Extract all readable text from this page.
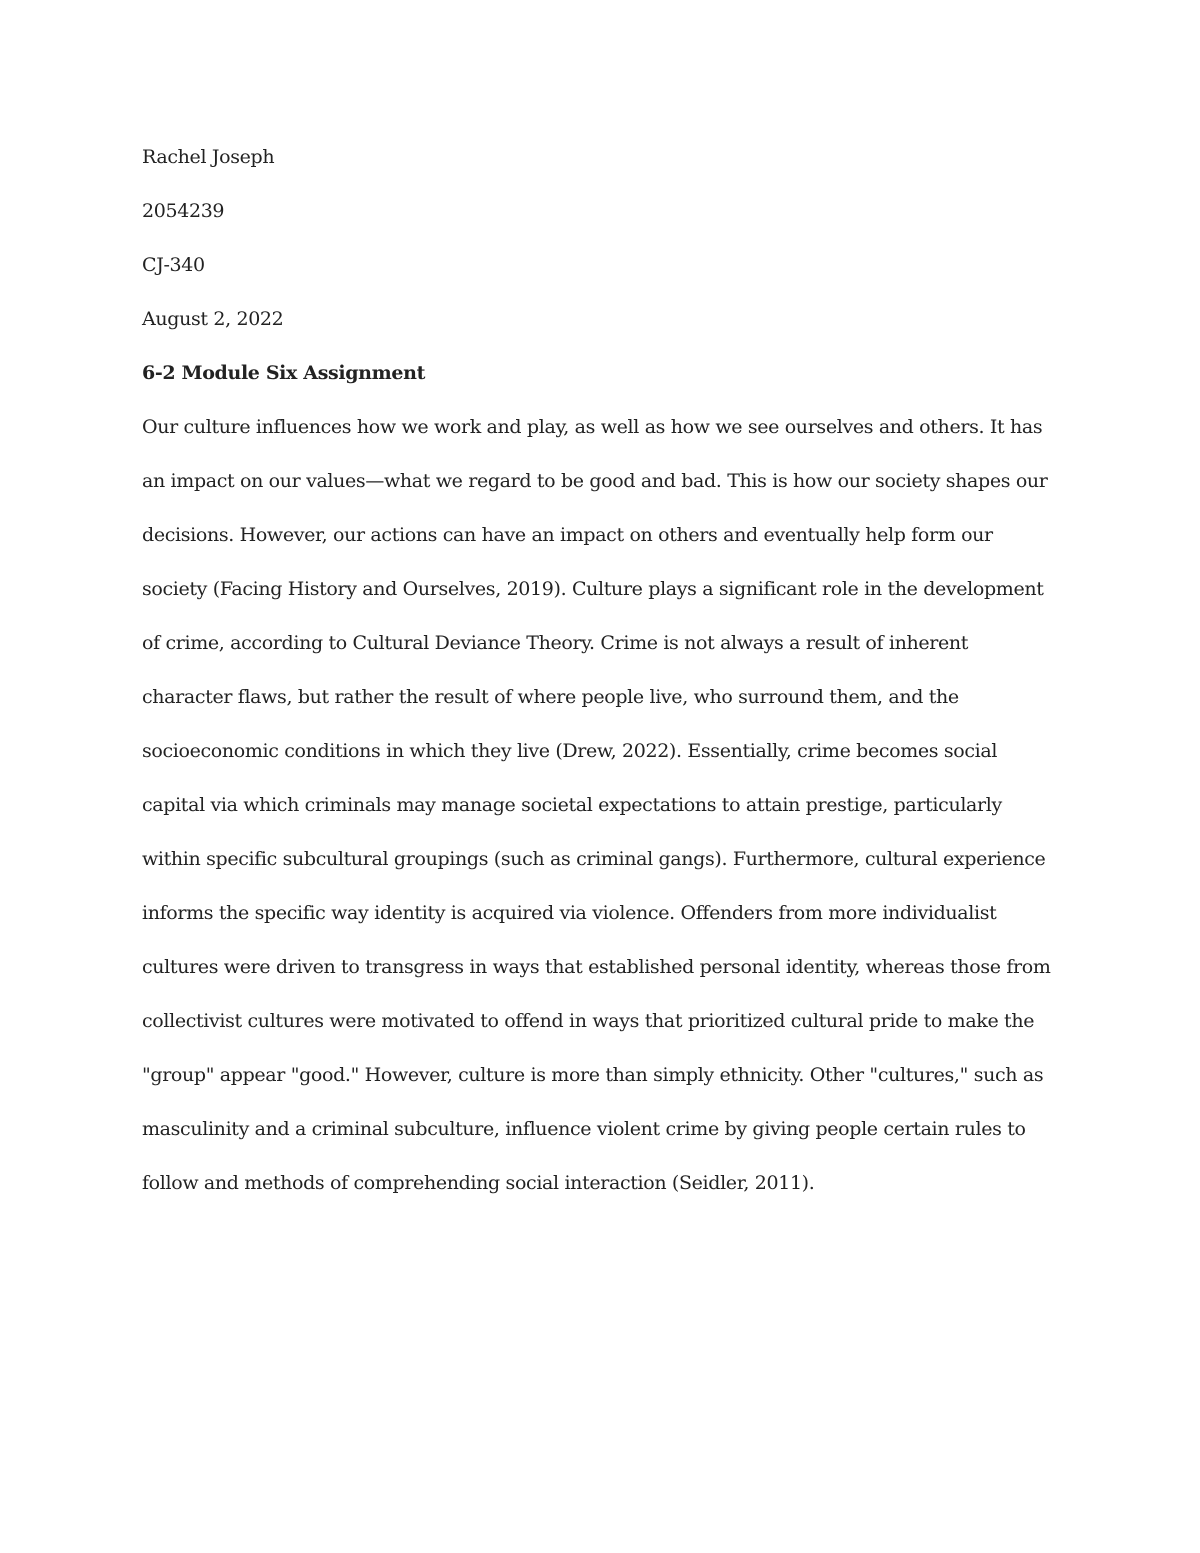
Rachel Joseph
2054239
CJ-340
August 2, 2022
6-2 Module Six Assignment
Our culture influences how we work and play, as well as how we see ourselves and others. It has
an impact on our values—what we regard to be good and bad. This is how our society shapes our
decisions. However, our actions can have an impact on others and eventually help form our
society (Facing History and Ourselves, 2019). Culture plays a significant role in the development
of crime, according to Cultural Deviance Theory. Crime is not always a result of inherent
character flaws, but rather the result of where people live, who surround them, and the
socioeconomic conditions in which they live (Drew, 2022). Essentially, crime becomes social
capital via which criminals may manage societal expectations to attain prestige, particularly
within specific subcultural groupings (such as criminal gangs). Furthermore, cultural experience
informs the specific way identity is acquired via violence. Offenders from more individualist
cultures were driven to transgress in ways that established personal identity, whereas those from
collectivist cultures were motivated to offend in ways that prioritized cultural pride to make the
"group" appear "good." However, culture is more than simply ethnicity. Other "cultures," such as
masculinity and a criminal subculture, influence violent crime by giving people certain rules to
follow and methods of comprehending social interaction (Seidler, 2011).
